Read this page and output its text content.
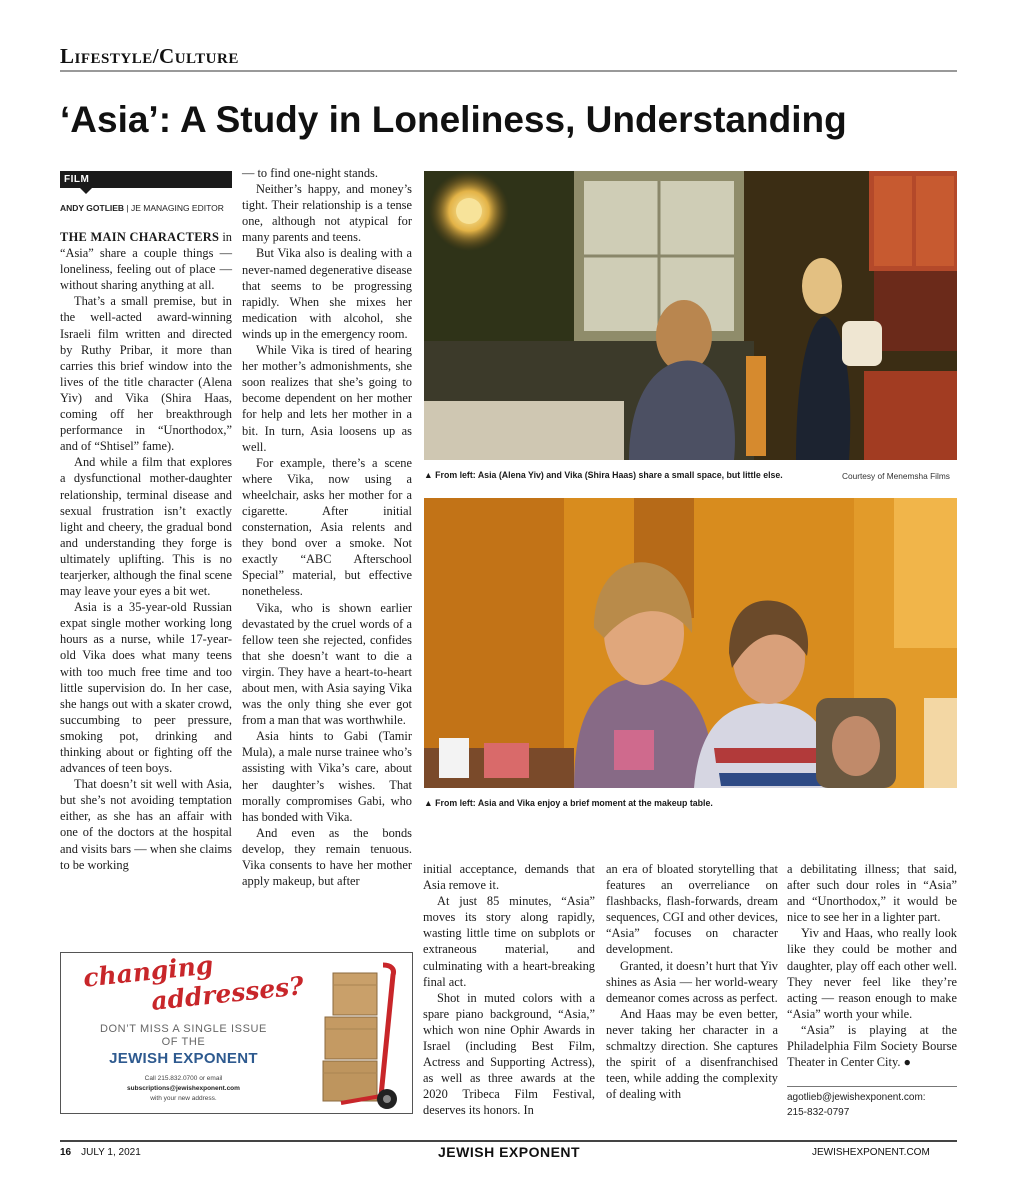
Lifestyle/Culture
‘Asia’: A Study in Loneliness, Understanding
FILM
ANDY GOTLIEB | JE MANAGING EDITOR

THE MAIN CHARACTERS in “Asia” share a couple things — loneliness, feeling out of place — without sharing anything at all.

That’s a small premise, but in the well-acted award-winning Israeli film written and directed by Ruthy Pribar, it more than carries this brief window into the lives of the title character (Alena Yiv) and Vika (Shira Haas, coming off her breakthrough performance in “Unorthodox,” and of “Shtisel” fame).

And while a film that explores a dysfunctional mother-daughter relationship, terminal disease and sexual frustration isn’t exactly light and cheery, the gradual bond and understanding they forge is ultimately uplifting. This is no tearjerker, although the final scene may leave your eyes a bit wet.

Asia is a 35-year-old Russian expat single mother working long hours as a nurse, while 17-year-old Vika does what many teens with too much free time and too little supervision do. In her case, she hangs out with a skater crowd, succumbing to peer pressure, smoking pot, drinking and thinking about or fighting off the advances of teen boys.

That doesn’t sit well with Asia, but she’s not avoiding temptation either, as she has an affair with one of the doctors at the hospital and visits bars — when she claims to be working

— to find one-night stands.

Neither’s happy, and money’s tight. Their relationship is a tense one, although not atypical for many parents and teens.

But Vika also is dealing with a never-named degenerative disease that seems to be progressing rapidly. When she mixes her medication with alcohol, she winds up in the emergency room.

While Vika is tired of hearing her mother’s admonishments, she soon realizes that she’s going to become dependent on her mother for help and lets her mother in a bit. In turn, Asia loosens up as well.

For example, there’s a scene where Vika, now using a wheelchair, asks her mother for a cigarette. After initial consternation, Asia relents and they bond over a smoke. Not exactly “ABC Afterschool Special” material, but effective nonetheless.

Vika, who is shown earlier devastated by the cruel words of a fellow teen she rejected, confides that she doesn’t want to die a virgin. They have a heart-to-heart about men, with Asia saying Vika was the only thing she ever got from a man that was worthwhile.

Asia hints to Gabi (Tamir Mula), a male nurse trainee who’s assisting with Vika’s care, about her daughter’s wishes. That morally compromises Gabi, who has bonded with Vika.

And even as the bonds develop, they remain tenuous. Vika consents to have her mother apply makeup, but after

▲ From left: Asia (Alena Yiv) and Vika (Shira Haas) share a small space, but little else.	Courtesy of Menemsha Films
▲ From left: Asia and Vika enjoy a brief moment at the makeup table.

initial acceptance, demands that Asia remove it.

At just 85 minutes, “Asia” moves its story along rapidly, wasting little time on subplots or extraneous material, and culminating with a heart-breaking final act.

Shot in muted colors with a spare piano background, “Asia,” which won nine Ophir Awards in Israel (including Best Film, Actress and Supporting Actress), as well as three awards at the 2020 Tribeca Film Festival, deserves its honors. In

an era of bloated storytelling that features an overreliance on flashbacks, flash-forwards, dream sequences, CGI and other devices, “Asia” focuses on character development.

Granted, it doesn’t hurt that Yiv shines as Asia — her world-weary demeanor comes across as perfect.

And Haas may be even better, never taking her character in a schmaltzy direction. She captures the spirit of a disenfranchised teen, while adding the complexity of dealing with

a debilitating illness; that said, after such dour roles in “Asia” and “Unorthodox,” it would be nice to see her in a lighter part.

Yiv and Haas, who really look like they could be mother and daughter, play off each other well. They never feel like they’re acting — reason enough to make “Asia” worth your while.

“Asia” is playing at the Philadelphia Film Society Bourse Theater in Center City. ●

agotlieb@jewishexponent.com:
215-832-0797
changing
addresses?
DON’T MISS A SINGLE ISSUE
OF THE
JEWISH EXPONENT
Call 215.832.0700 or email
subscriptions@jewishexponent.com
with your new address.
16 JULY 1, 2021	JEWISH EXPONENT	JEWISHEXPONENT.COM
